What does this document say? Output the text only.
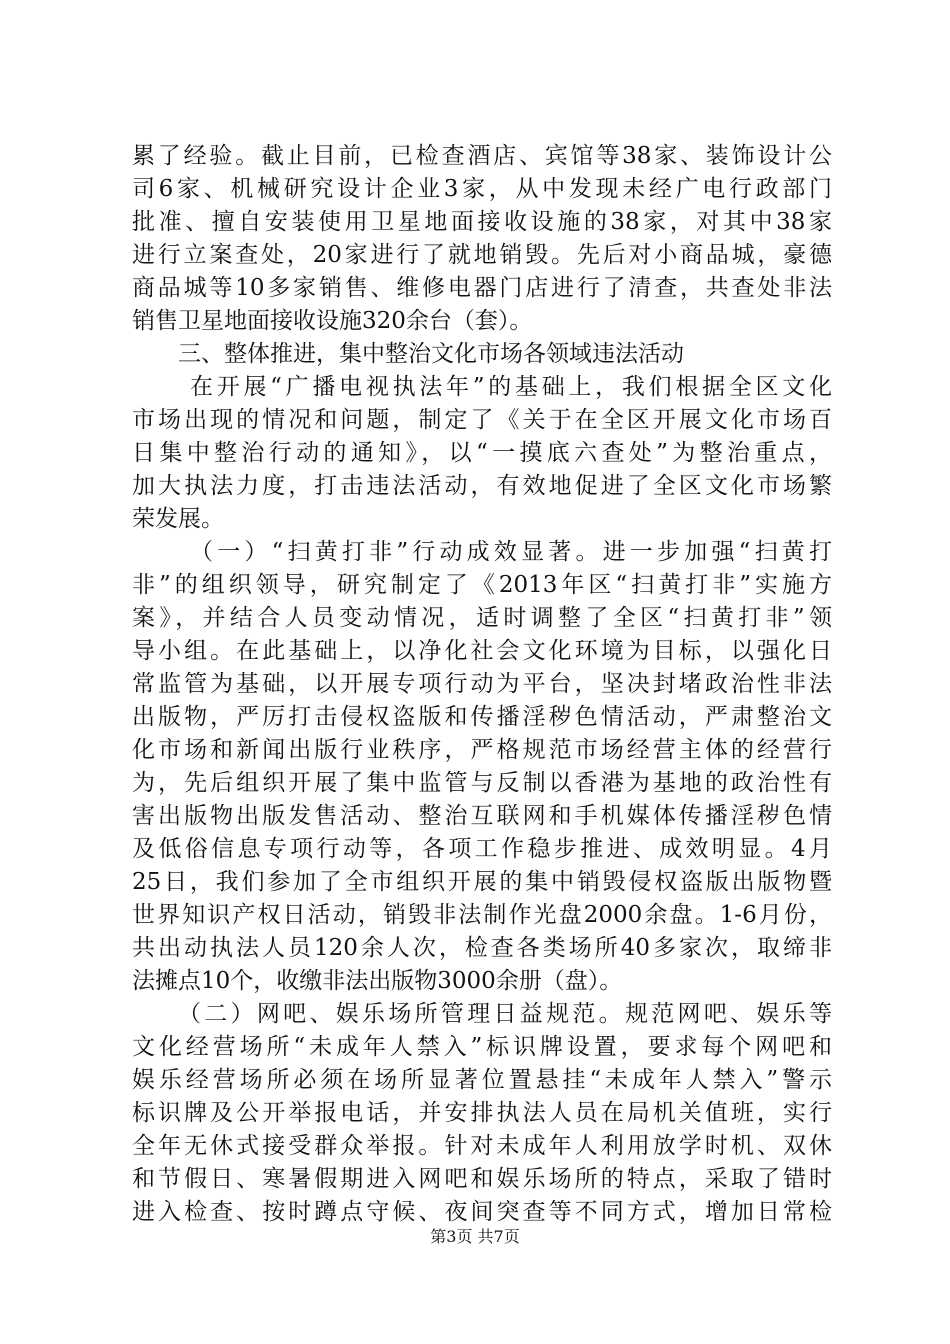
累了经验。截止目前，已检查酒店、宾馆等38家、装饰设计公
司6家、机械研究设计企业3家，从中发现未经广电行政部门
批准、擅自安装使用卫星地面接收设施的38家，对其中38家
进行立案查处，20家进行了就地销毁。先后对小商品城，豪德
商品城等10多家销售、维修电器门店进行了清查，共查处非法
销售卫星地面接收设施320余台（套）。
三、整体推进，集中整治文化市场各领域违法活动
在开展“广播电视执法年”的基础上，我们根据全区文化
市场出现的情况和问题，制定了《关于在全区开展文化市场百
日集中整治行动的通知》，以“一摸底六查处”为整治重点，
加大执法力度，打击违法活动，有效地促进了全区文化市场繁
荣发展。
（一）“扫黄打非”行动成效显著。进一步加强“扫黄打
非”的组织领导，研究制定了《2013年区“扫黄打非”实施方
案》，并结合人员变动情况，适时调整了全区“扫黄打非”领
导小组。在此基础上，以净化社会文化环境为目标，以强化日
常监管为基础，以开展专项行动为平台，坚决封堵政治性非法
出版物，严厉打击侵权盗版和传播淫秽色情活动，严肃整治文
化市场和新闻出版行业秩序，严格规范市场经营主体的经营行
为，先后组织开展了集中监管与反制以香港为基地的政治性有
害出版物出版发售活动、整治互联网和手机媒体传播淫秽色情
及低俗信息专项行动等，各项工作稳步推进、成效明显。4月
25日，我们参加了全市组织开展的集中销毁侵权盗版出版物暨
世界知识产权日活动，销毁非法制作光盘2000余盘。1-6月份，
共出动执法人员120余人次，检查各类场所40多家次，取缔非
法摊点10个，收缴非法出版物3000余册（盘）。
（二）网吧、娱乐场所管理日益规范。规范网吧、娱乐等
文化经营场所“未成年人禁入”标识牌设置，要求每个网吧和
娱乐经营场所必须在场所显著位置悬挂“未成年人禁入”警示
标识牌及公开举报电话，并安排执法人员在局机关值班，实行
全年无休式接受群众举报。针对未成年人利用放学时机、双休
和节假日、寒暑假期进入网吧和娱乐场所的特点，采取了错时
进入检查、按时蹲点守候、夜间突查等不同方式，增加日常检
第3页 共7页
